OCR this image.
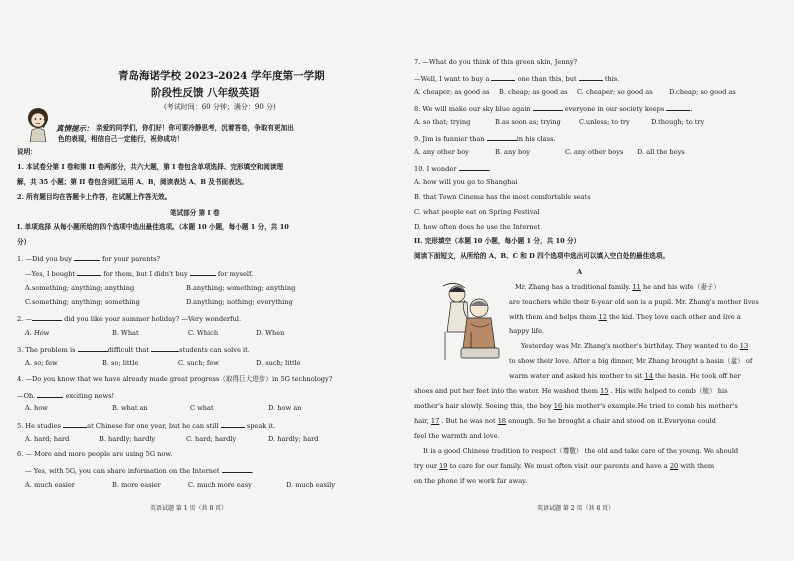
青岛海诺学校 2023-2024 学年度第一学期
阶段性反馈 八年级英语
(考试时间：60 分钟；满分：90 分)
真情提示： 亲爱的同学们，你们好！你可要冷静思考，沉着答卷，争取有更加出
色的表现，相信自己一定能行，祝你成功！
说明：
1. 本试卷分第 I 卷和第 II 卷两部分，共六大题，第 I 卷包含单项选择、完形填空和阅读理
解，共 35 小题；第 II 卷包含词汇运用 A、B，阅读表达 A、B 及书面表达。
2. 所有题目均在答题卡上作答，在试题上作答无效。
笔试部分 第 I 卷
I. 单项选择 从每小题所给的四个选项中选出最佳选项。（本题 10 小题，每小题 1 分，共 10
分）
1. —Did you buy	for your parents?
—Yes, I bought	for them, but I didn't buy	for myself.
A.something; anything; anything	B.anything; something; anything
C.something; anything; something	D.anything; nothing; everything
2. —	did you like your summer holiday? —Very wonderful.
A. How	B. What	C. Which	D. When
3. The problem is	difficult that	students can solve it.
A. so; few	B. so; little	C. such; few	D. such; little
4. —Do you know that we have already made great progress（取得巨大进步）in 5G technology?
—Oh.	exciting news!
A. how	B. what an	C what	D. how an
5. He studies	at Chinese for one year, but he can still	speak it.
A. hard; hard	B. hardly; hardly	C. hard; hardly	D. hardly; hard
6. — More and more people are using 5G now.
— Yes, with 5G, you can share information on the Internet	.
A. much easier	B. more easier	C. much more easy	D. much easily
英语试题 第 1 页（共 8 页）
7. —What do you think of this green skin, Jenny?
—Well, I want to buy a	one than this, but	this.
A. cheaper; as good as B. cheap; as good as C. cheaper; so good as D.cheap; so good as
8. We will make our sky blue again	everyone in our society keeps	.
A. so that; trying	B.as soon as; trying	C.unless; to try	D.though; to try
9. Jim is funnier than	in his class.
A. any other boy	B. any boy	C. any other boys D. all the boys
10. I wonder	.
A. how will you go to Shanghai
B. that Town Cinema has the most comfortable seats
C. what people eat on Spring Festival
D. how often does he use the Internet
II. 完形填空（本题 10 小题，每小题 1 分，共 10 分）
阅读下面短文，从所给的 A、B、C 和 D 四个选项中选出可以填入空白处的最佳选项。
A
Mr. Zhang has a traditional family. 11 he and his wife（妻子）
are teachers while their 6-year old son is a pupil. Mr. Zhang's mother lives
with them and helps them 12 the kid. They love each other and live a
happy life.
Yesterday was Mr. Zhang's mother's birthday. They wanted to do 13
to show their love. After a big dinner, Mr Zhang brought a basin（盆） of
warm water and asked his mother to sit 14 the basin. He took off her
shoes and put her feet into the water. He washed them 15 . His wife helped to comb（梳） his
mother's hair slowly. Seeing this, the boy 16 his mother's example.He tried to comb his mother's
hair, 17 . But he was not 18 enough. So he brought a chair and stood on it.Everyone could
feel the warmth and love.
It is a good Chinese tradition to respect（尊敬） the old and take care of the young. We should
try our 19 to care for our family. We must often visit our parents and have a 20 with them
on the phone if we work far away.
英语试题 第 2 页（共 8 页）
